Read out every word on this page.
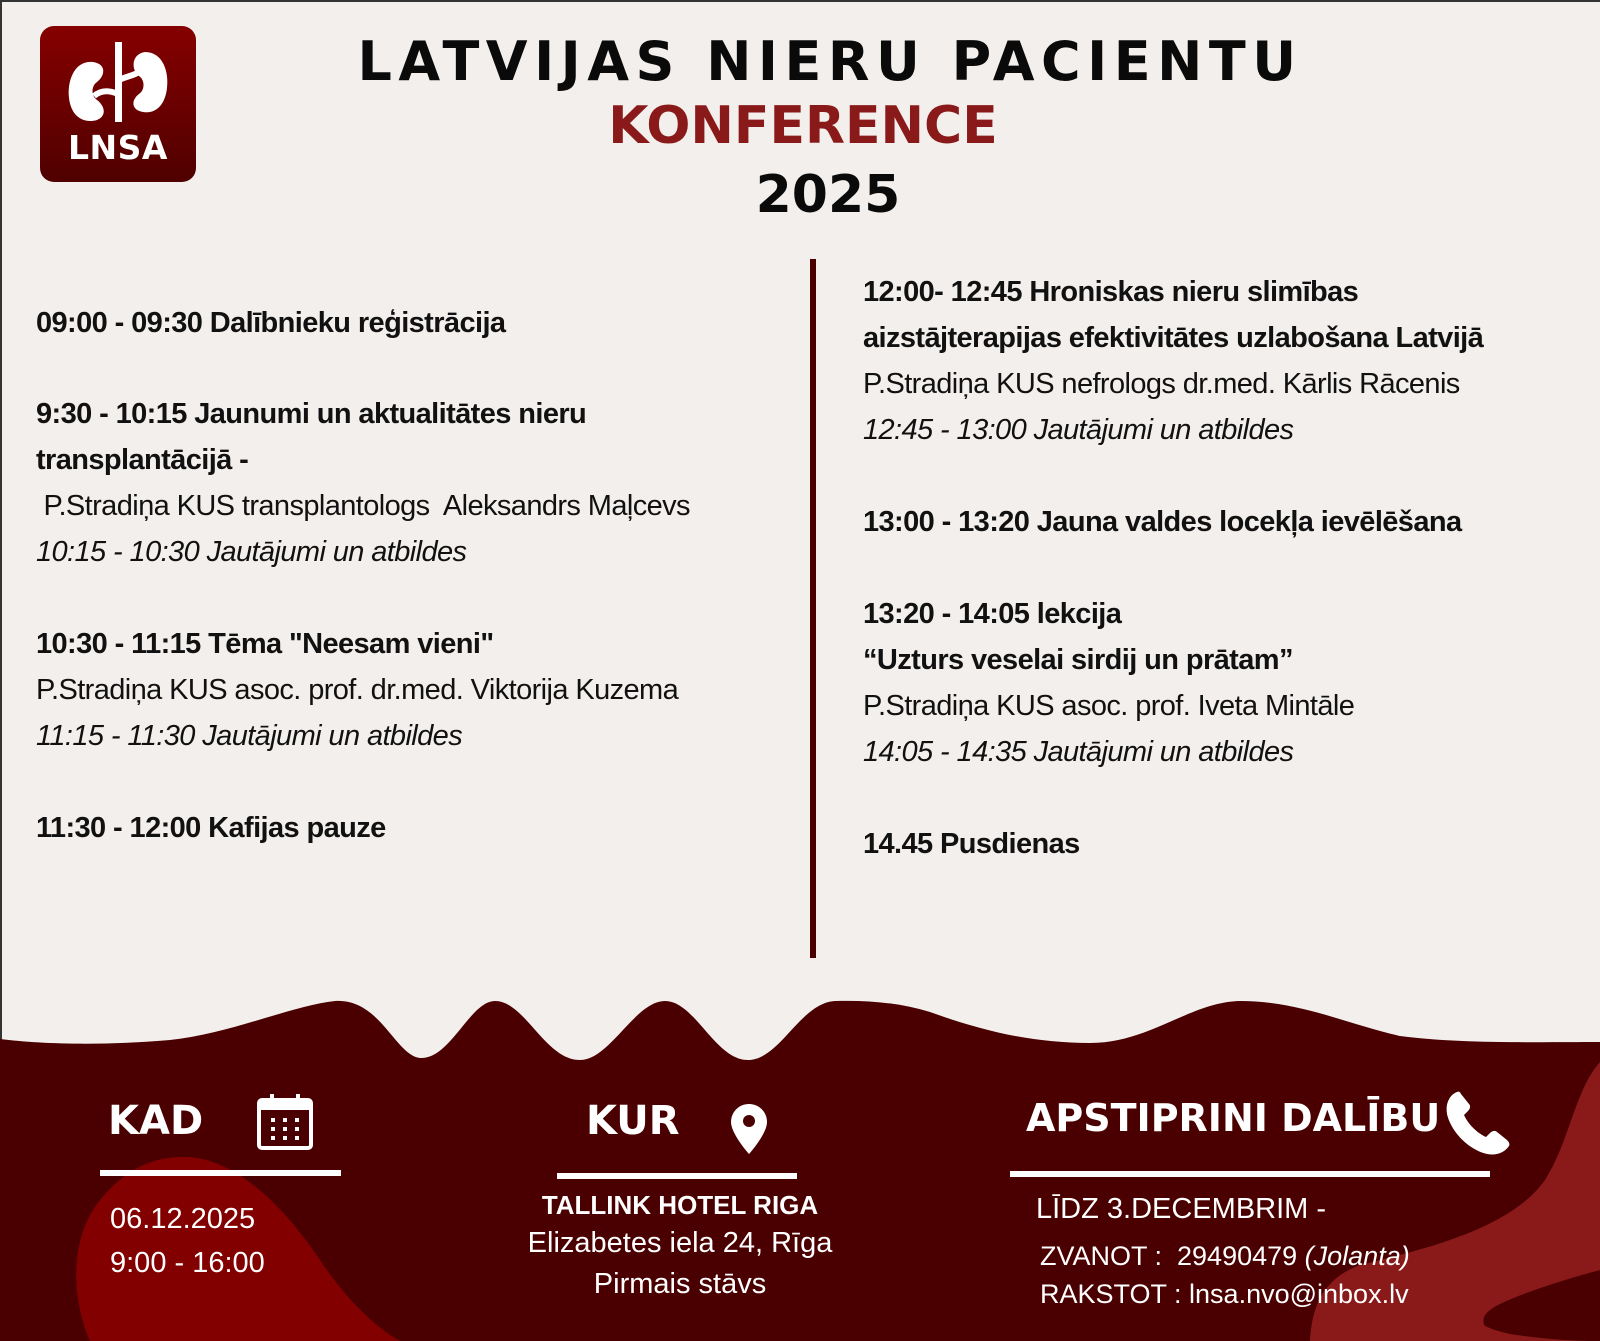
LNSA
LATVIJAS NIERU PACIENTU
KONFERENCE
2025
09:00 - 09:30 Dalībnieku reģistrācija
9:30 - 10:15 Jaunumi un aktualitātes nieru
transplantācijā -
P.Stradiņa KUS transplantologs  Aleksandrs Maļcevs
10:15 - 10:30 Jautājumi un atbildes
10:30 - 11:15 Tēma "Neesam vieni"
P.Stradiņa KUS asoc. prof. dr.med. Viktorija Kuzema
11:15 - 11:30 Jautājumi un atbildes
11:30 - 12:00 Kafijas pauze
12:00- 12:45 Hroniskas nieru slimības
aizstājterapijas efektivitātes uzlabošana Latvijā
P.Stradiņa KUS nefrologs dr.med. Kārlis Rācenis
12:45 - 13:00 Jautājumi un atbildes
13:00 - 13:20 Jauna valdes locekļa ievēlēšana
13:20 - 14:05 lekcija
“Uzturs veselai sirdij un prātam”
P.Stradiņa KUS asoc. prof. Iveta Mintāle
14:05 - 14:35 Jautājumi un atbildes
14.45 Pusdienas
KAD
06.12.2025
9:00 - 16:00
KUR
TALLINK HOTEL RIGA
Elizabetes iela 24, Rīga
Pirmais stāvs
APSTIPRINI DALĪBU
LĪDZ 3.DECEMBRIM -
ZVANOT :  29490479 (Jolanta)
RAKSTOT : lnsa.nvo@inbox.lv
